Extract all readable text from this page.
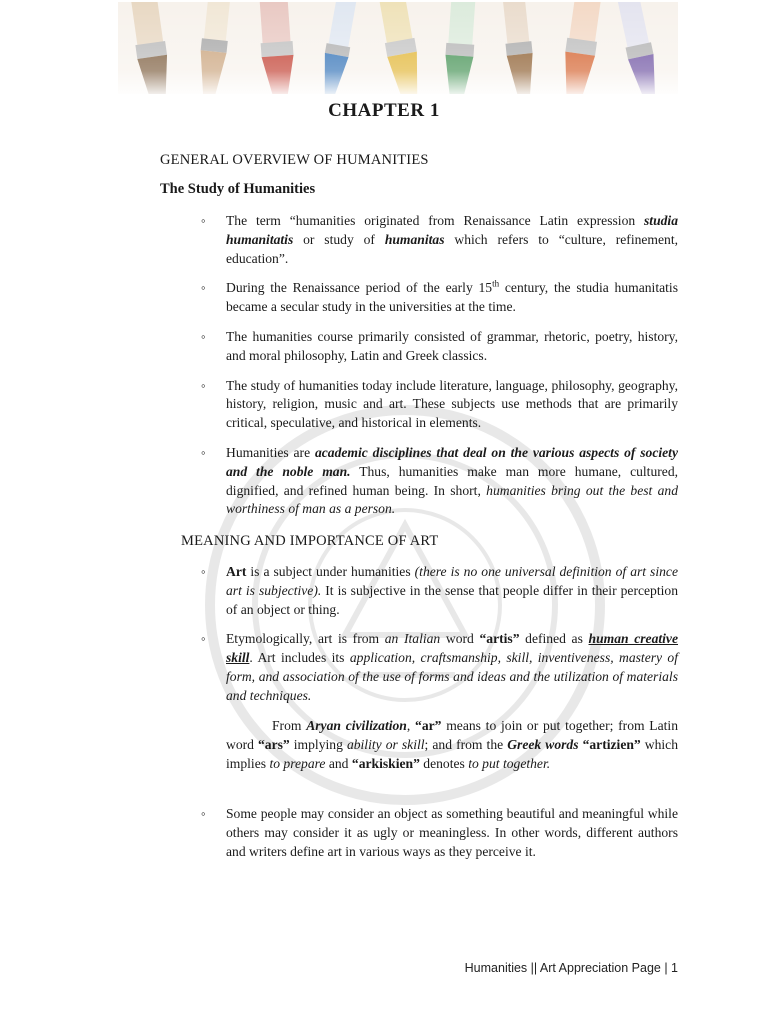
CHAPTER 1
GENERAL OVERVIEW OF HUMANITIES
The Study of Humanities
◦ The term “humanities originated from Renaissance Latin expression studia humanitatis or study of humanitas which refers to “culture, refinement, education”.
◦ During the Renaissance period of the early 15th century, the studia humanitatis became a secular study in the universities at the time.
◦ The humanities course primarily consisted of grammar, rhetoric, poetry, history, and moral philosophy, Latin and Greek classics.
◦ The study of humanities today include literature, language, philosophy, geography, history, religion, music and art. These subjects use methods that are primarily critical, speculative, and historical in elements.
◦ Humanities are academic disciplines that deal on the various aspects of society and the noble man. Thus, humanities make man more humane, cultured, dignified, and refined human being. In short, humanities bring out the best and worthiness of man as a person.
MEANING AND IMPORTANCE OF ART
◦ Art is a subject under humanities (there is no one universal definition of art since art is subjective). It is subjective in the sense that people differ in their perception of an object or thing.
◦ Etymologically, art is from an Italian word “artis” defined as human creative skill. Art includes its application, craftsmanship, skill, inventiveness, mastery of form, and association of the use of forms and ideas and the utilization of materials and techniques.

From Aryan civilization, “ar” means to join or put together; from Latin word “ars” implying ability or skill; and from the Greek words “artizien” which implies to prepare and “arkiskien” denotes to put together.

◦ Some people may consider an object as something beautiful and meaningful while others may consider it as ugly or meaningless. In other words, different authors and writers define art in various ways as they perceive it.
Humanities || Art Appreciation Page | 1
